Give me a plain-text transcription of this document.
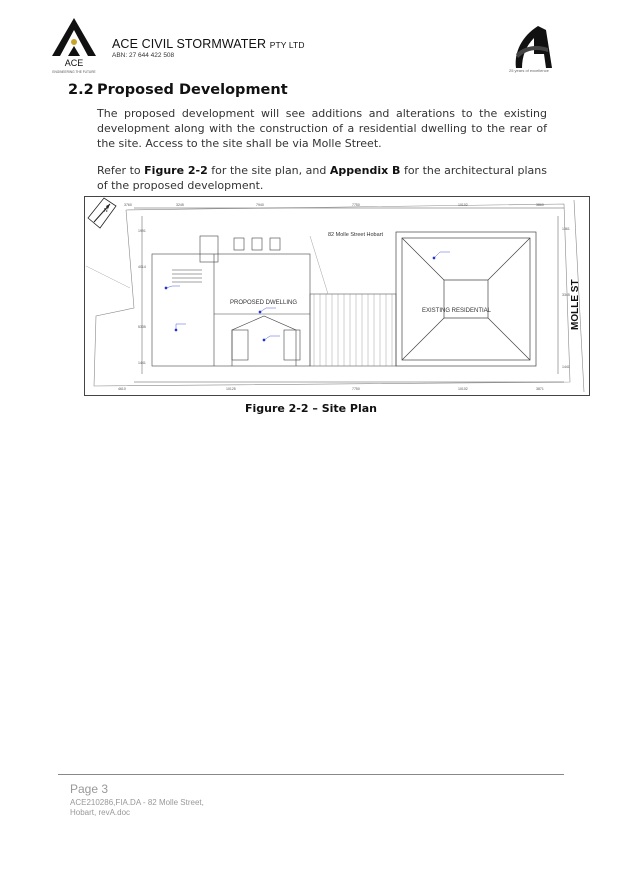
ACE
ENGINEERING THE FUTURE
ACE CIVIL STORMWATER PTY LTD
ABN: 27 644 422 508
25 years of excellence
2.2 Proposed Development
The proposed development will see additions and alterations to the existing development along with the construction of a residential dwelling to the rear of the site. Access to the site shall be via Molle Street.
Refer to Figure 2-2 for the site plan, and Appendix B for the architectural plans of the proposed development.
3760	3245	7940	7750	10102	3860
4610	10125	7750	10102	3871
1991
4014
5335
1441
1361
3345
1441
N
PROPOSED DWELLING
82 Molle Street Hobart
EXISTING RESIDENTIAL	MOLLE ST
Figure 2-2 – Site Plan
Page 3
ACE210286,FIA.DA - 82 Molle Street,
Hobart, revA.doc
